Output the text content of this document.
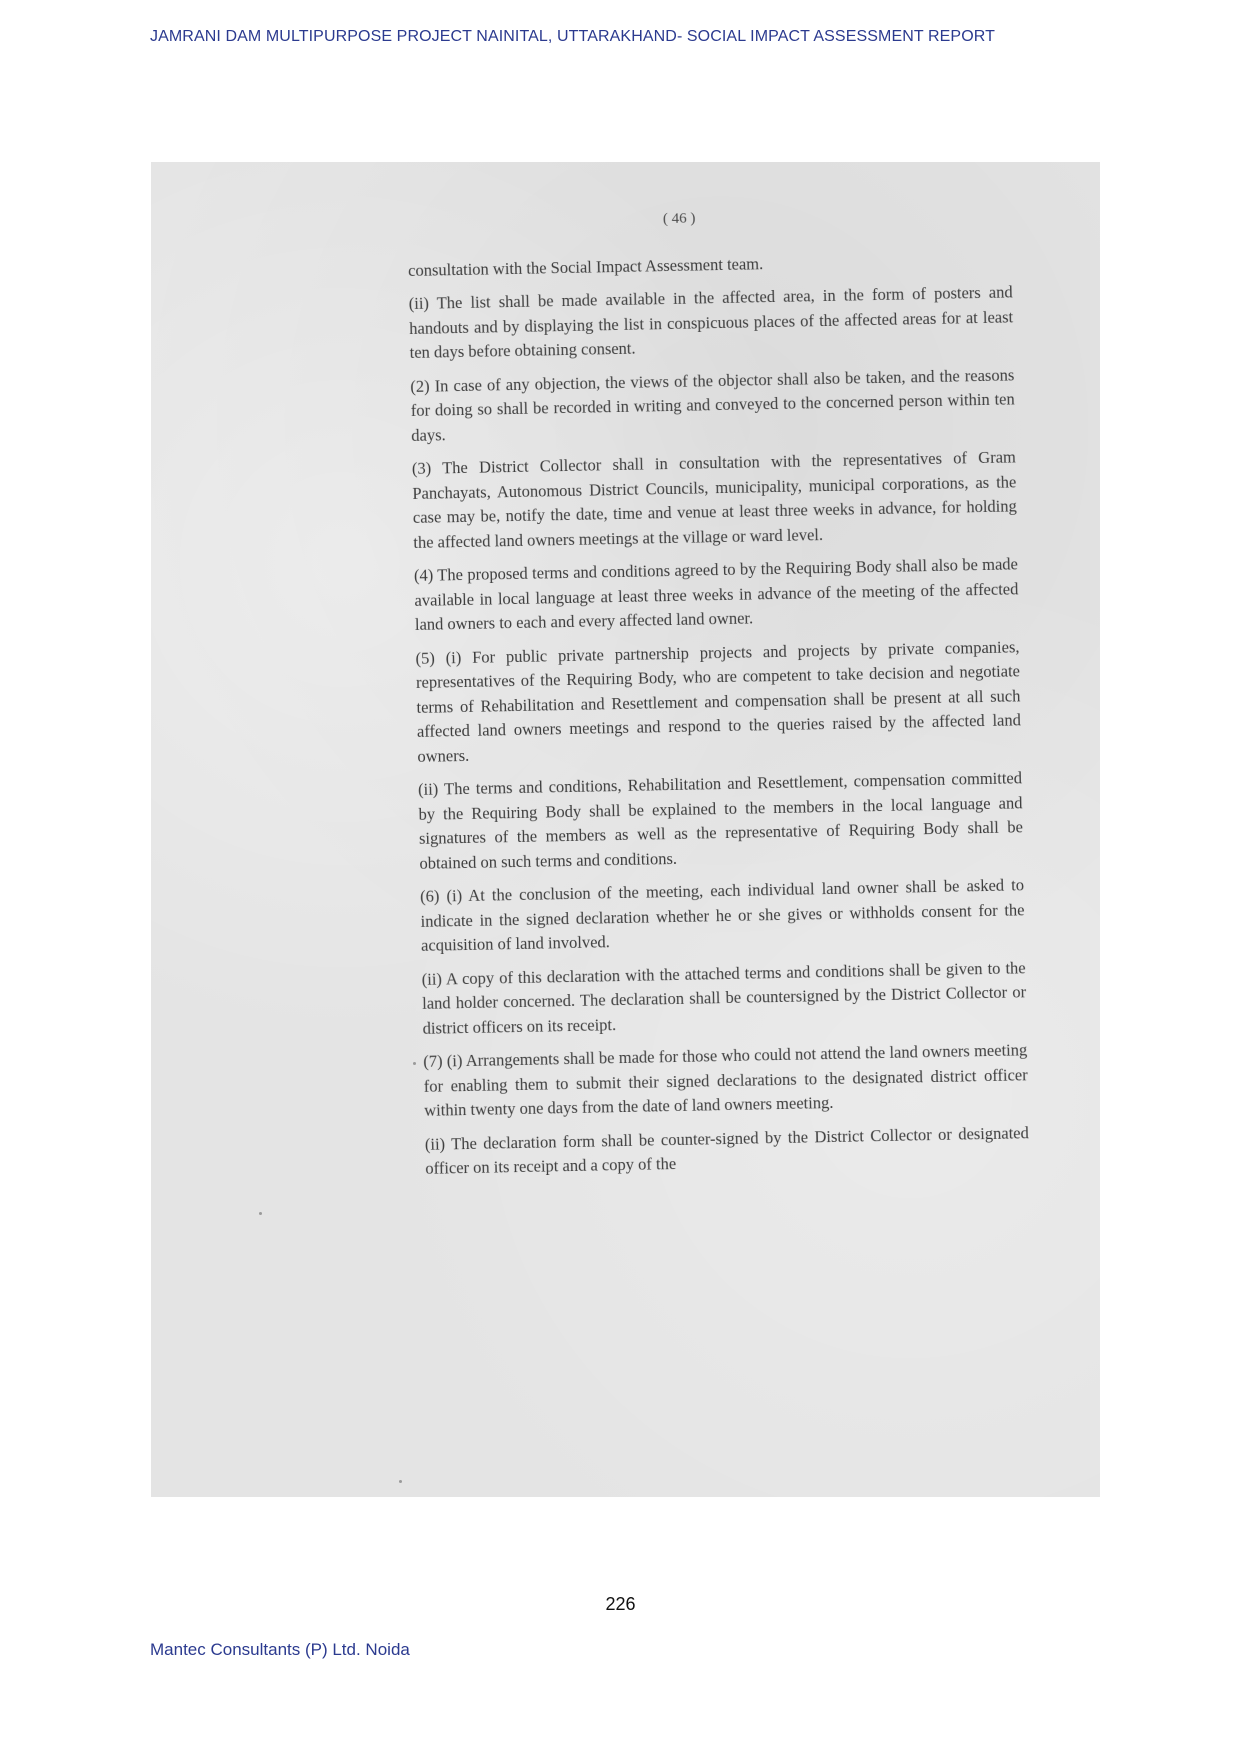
JAMRANI DAM MULTIPURPOSE PROJECT NAINITAL, UTTARAKHAND- SOCIAL IMPACT ASSESSMENT REPORT
( 46 )

consultation with the Social Impact Assessment team.

(ii) The list shall be made available in the affected area, in the form of posters and handouts and by displaying the list in conspicuous places of the affected areas for at least ten days before obtaining consent.

(2) In case of any objection, the views of the objector shall also be taken, and the reasons for doing so shall be recorded in writing and conveyed to the concerned person within ten days.

(3) The District Collector shall in consultation with the representatives of Gram Panchayats, Autonomous District Councils, municipality, municipal corporations, as the case may be, notify the date, time and venue at least three weeks in advance, for holding the affected land owners meetings at the village or ward level.

(4) The proposed terms and conditions agreed to by the Requiring Body shall also be made available in local language at least three weeks in advance of the meeting of the affected land owners to each and every affected land owner.

(5) (i) For public private partnership projects and projects by private companies, representatives of the Requiring Body, who are competent to take decision and negotiate terms of Rehabilitation and Resettlement and compensation shall be present at all such affected land owners meetings and respond to the queries raised by the affected land owners.

(ii) The terms and conditions, Rehabilitation and Resettlement, compensation committed by the Requiring Body shall be explained to the members in the local language and signatures of the members as well as the representative of Requiring Body shall be obtained on such terms and conditions.

(6) (i) At the conclusion of the meeting, each individual land owner shall be asked to indicate in the signed declaration whether he or she gives or withholds consent for the acquisition of land involved.

(ii) A copy of this declaration with the attached terms and conditions shall be given to the land holder concerned. The declaration shall be countersigned by the District Collector or district officers on its receipt.

(7) (i) Arrangements shall be made for those who could not attend the land owners meeting for enabling them to submit their signed declarations to the designated district officer within twenty one days from the date of land owners meeting.

(ii) The declaration form shall be counter-signed by the District Collector or designated officer on its receipt and a copy of the

226
Mantec Consultants (P) Ltd. Noida
